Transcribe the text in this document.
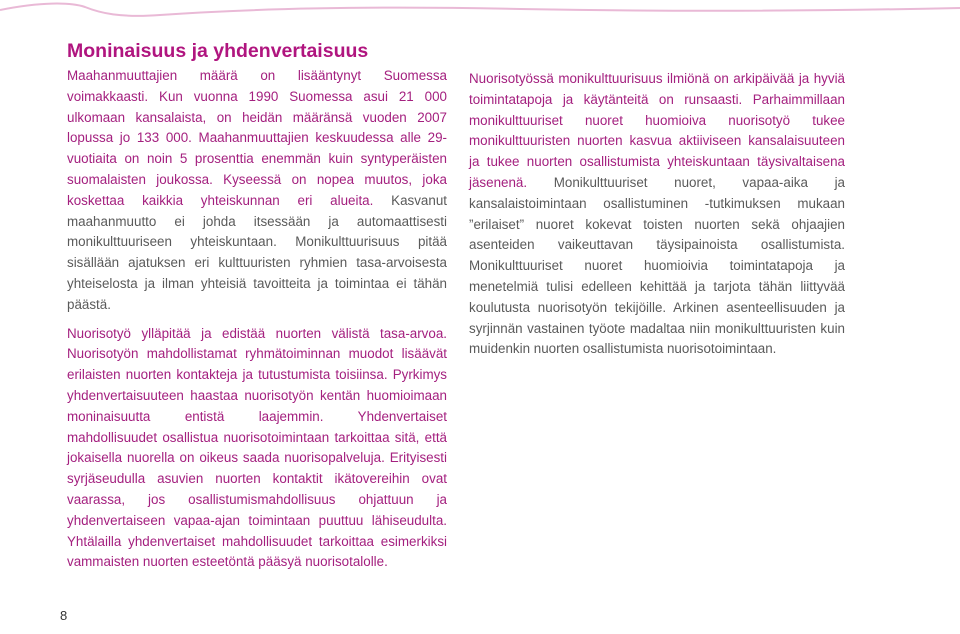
Moninaisuus ja yhdenvertaisuus

Maahanmuuttajien määrä on lisääntynyt Suomessa voimakkaasti. Kun vuonna 1990 Suomessa asui 21 000 ulkomaan kansalaista, on heidän määränsä vuoden 2007 lopussa jo 133 000. Maahanmuuttajien keskuudessa alle 29-vuotiaita on noin 5 prosenttia enemmän kuin syntyperäisten suomalaisten joukossa. Kyseessä on nopea muutos, joka koskettaa kaikkia yhteiskunnan eri alueita. Kasvanut maahanmuutto ei johda itsessään ja automaattisesti monikulttuuriseen yhteiskuntaan. Monikulttuurisuus pitää sisällään ajatuksen eri kulttuuristen ryhmien tasa-arvoisesta yhteiselosta ja ilman yhteisiä tavoitteita ja toimintaa ei tähän päästä.

Nuorisotyö ylläpitää ja edistää nuorten välistä tasa-arvoa. Nuorisotyön mahdollistamat ryhmätoiminnan muodot lisäävät erilaisten nuorten kontakteja ja tutustumista toisiinsa. Pyrkimys yhdenvertaisuuteen haastaa nuorisotyön kentän huomioimaan moninaisuutta entistä laajemmin. Yhdenvertaiset mahdollisuudet osallistua nuorisotoimintaan tarkoittaa sitä, että jokaisella nuorella on oikeus saada nuorisopalveluja. Erityisesti syrjäseudulla asuvien nuorten kontaktit ikätovereihin ovat vaarassa, jos osallistumismahdollisuus ohjattuun ja yhdenvertaiseen vapaa-ajan toimintaan puuttuu lähiseudulta. Yhtälailla yhdenvertaiset mahdollisuudet tarkoittaa esimerkiksi vammaisten nuorten esteetöntä pääsyä nuorisotalolle.

Nuorisotyössä monikulttuurisuus ilmiönä on arkipäivää ja hyviä toimintatapoja ja käytänteitä on runsaasti. Parhaimmillaan monikulttuuriset nuoret huomioiva nuorisotyö tukee monikulttuuristen nuorten kasvua aktiiviseen kansalaisuuteen ja tukee nuorten osallistumista yhteiskuntaan täysivaltaisena jäsenenä. Monikulttuuriset nuoret, vapaa-aika ja kansalaistoimintaan osallistuminen -tutkimuksen mukaan ”erilaiset” nuoret kokevat toisten nuorten sekä ohjaajien asenteiden vaikeuttavan täysipainoista osallistumista. Monikulttuuriset nuoret huomioivia toimintatapoja ja menetelmiä tulisi edelleen kehittää ja tarjota tähän liittyvää koulutusta nuorisotyön tekijöille. Arkinen asenteellisuuden ja syrjinnän vastainen työote madaltaa niin monikulttuuristen kuin muidenkin nuorten osallistumista nuorisotoimintaan.

8
